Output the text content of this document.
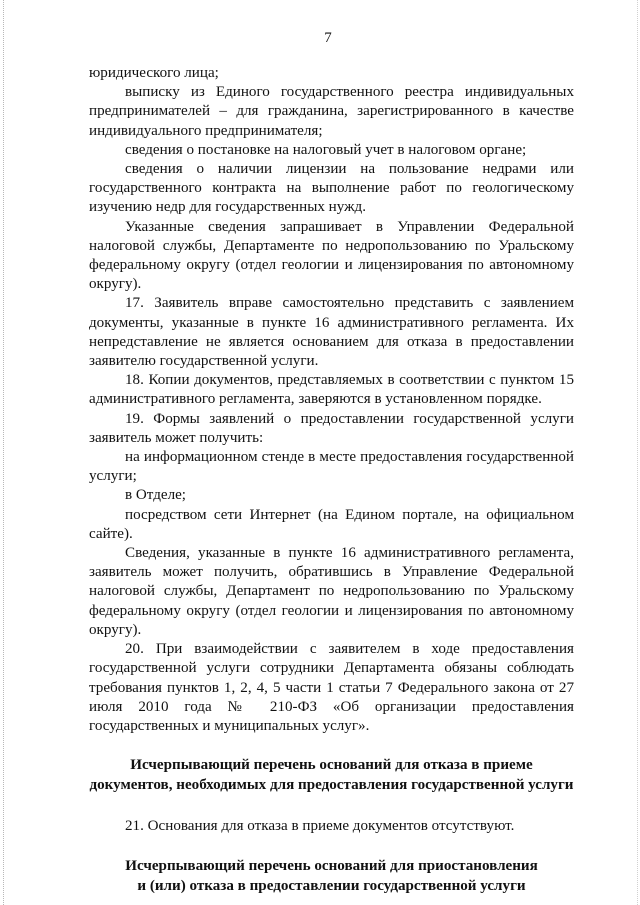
7

юридического лица;

выписку из Единого государственного реестра индивидуальных предпринимателей – для гражданина, зарегистрированного в качестве индивидуального предпринимателя;

сведения о постановке на налоговый учет в налоговом органе;

сведения о наличии лицензии на пользование недрами или государственного контракта на выполнение работ по геологическому изучению недр для государственных нужд.

Указанные сведения запрашивает в Управлении Федеральной налоговой службы, Департаменте по недропользованию по Уральскому федеральному округу (отдел геологии и лицензирования по автономному округу).

17. Заявитель вправе самостоятельно представить с заявлением документы, указанные в пункте 16 административного регламента. Их непредставление не является основанием для отказа в предоставлении заявителю государственной услуги.

18. Копии документов, представляемых в соответствии с пунктом 15 административного регламента, заверяются в установленном порядке.

19. Формы заявлений о предоставлении государственной услуги заявитель может получить:

на информационном стенде в месте предоставления государственной услуги;

в Отделе;

посредством сети Интернет (на Едином портале, на официальном сайте).

Сведения, указанные в пункте 16 административного регламента, заявитель может получить, обратившись в Управление Федеральной налоговой службы, Департамент по недропользованию по Уральскому федеральному округу (отдел геологии и лицензирования по автономному округу).

20. При взаимодействии с заявителем в ходе предоставления государственной услуги сотрудники Департамента обязаны соблюдать требования пунктов 1, 2, 4, 5 части 1 статьи 7 Федерального закона от 27 июля 2010 года № 210-ФЗ «Об организации предоставления государственных и муниципальных услуг».

Исчерпывающий перечень оснований для отказа в приеме
документов, необходимых для предоставления государственной услуги

21. Основания для отказа в приеме документов отсутствуют.

Исчерпывающий перечень оснований для приостановления
и (или) отказа в предоставлении государственной услуги
